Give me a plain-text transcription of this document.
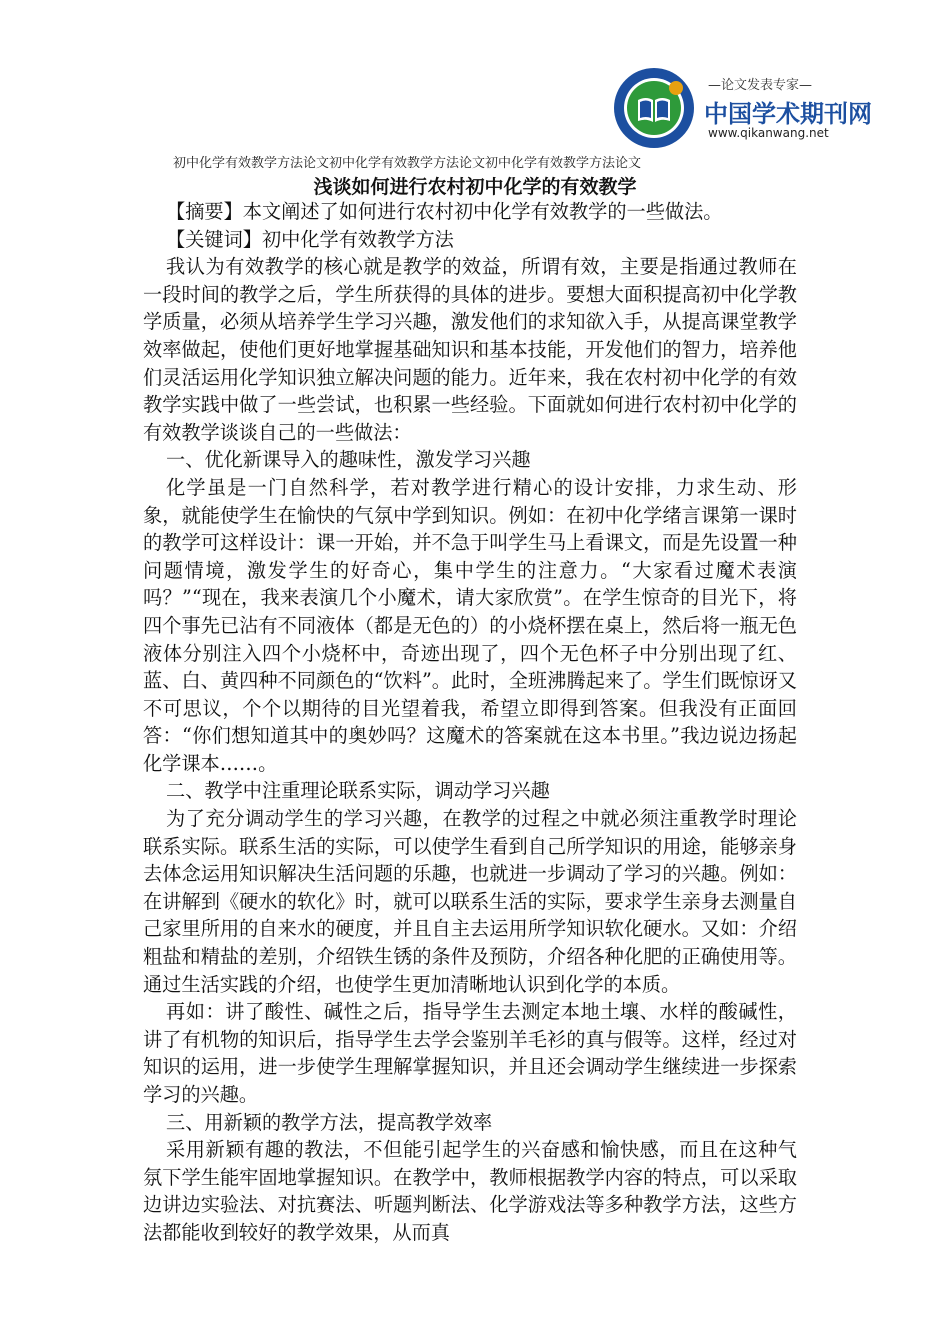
—论文发表专家—
中国学术期刊网
www.qikanwang.net
初中化学有效教学方法论文初中化学有效教学方法论文初中化学有效教学方法论文
浅谈如何进行农村初中化学的有效教学

【摘要】本文阐述了如何进行农村初中化学有效教学的一些做法。

【关键词】初中化学有效教学方法

我认为有效教学的核心就是教学的效益，所谓有效，主要是指通过教师在一段时间的教学之后，学生所获得的具体的进步。要想大面积提高初中化学教学质量，必须从培养学生学习兴趣，激发他们的求知欲入手，从提高课堂教学效率做起，使他们更好地掌握基础知识和基本技能，开发他们的智力，培养他们灵活运用化学知识独立解决问题的能力。近年来，我在农村初中化学的有效教学实践中做了一些尝试，也积累一些经验。下面就如何进行农村初中化学的有效教学谈谈自己的一些做法：

一、优化新课导入的趣味性，激发学习兴趣

化学虽是一门自然科学，若对教学进行精心的设计安排，力求生动、形象，就能使学生在愉快的气氛中学到知识。例如：在初中化学绪言课第一课时的教学可这样设计：课一开始，并不急于叫学生马上看课文，而是先设置一种问题情境，激发学生的好奇心，集中学生的注意力。“大家看过魔术表演吗？”“现在，我来表演几个小魔术，请大家欣赏”。在学生惊奇的目光下，将四个事先已沾有不同液体（都是无色的）的小烧杯摆在桌上，然后将一瓶无色液体分别注入四个小烧杯中，奇迹出现了，四个无色杯子中分别出现了红、蓝、白、黄四种不同颜色的“饮料”。此时，全班沸腾起来了。学生们既惊讶又不可思议，个个以期待的目光望着我，希望立即得到答案。但我没有正面回答：“你们想知道其中的奥妙吗？这魔术的答案就在这本书里。”我边说边扬起化学课本……。

二、教学中注重理论联系实际，调动学习兴趣

为了充分调动学生的学习兴趣，在教学的过程之中就必须注重教学时理论联系实际。联系生活的实际，可以使学生看到自己所学知识的用途，能够亲身去体念运用知识解决生活问题的乐趣，也就进一步调动了学习的兴趣。例如：在讲解到《硬水的软化》时，就可以联系生活的实际，要求学生亲身去测量自己家里所用的自来水的硬度，并且自主去运用所学知识软化硬水。又如：介绍粗盐和精盐的差别，介绍铁生锈的条件及预防，介绍各种化肥的正确使用等。通过生活实践的介绍，也使学生更加清晰地认识到化学的本质。

再如：讲了酸性、碱性之后，指导学生去测定本地土壤、水样的酸碱性，讲了有机物的知识后，指导学生去学会鉴别羊毛衫的真与假等。这样，经过对知识的运用，进一步使学生理解掌握知识，并且还会调动学生继续进一步探索学习的兴趣。

三、用新颖的教学方法，提高教学效率

采用新颖有趣的教法，不但能引起学生的兴奋感和愉快感，而且在这种气氛下学生能牢固地掌握知识。在教学中，教师根据教学内容的特点，可以采取边讲边实验法、对抗赛法、听题判断法、化学游戏法等多种教学方法，这些方法都能收到较好的教学效果，从而真
